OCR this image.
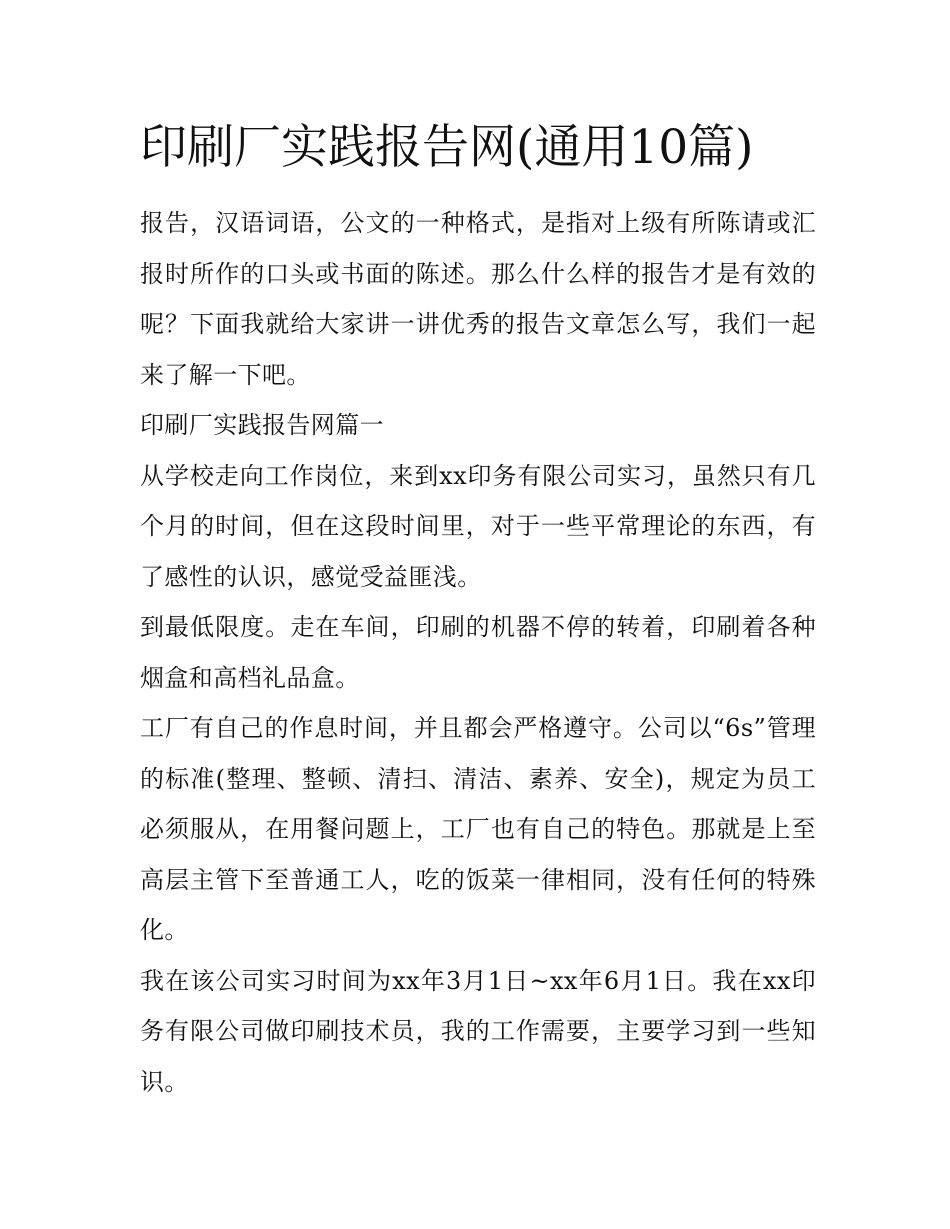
印刷厂实践报告网(通用10篇)

报告，汉语词语，公文的一种格式，是指对上级有所陈请或汇报时所作的口头或书面的陈述。那么什么样的报告才是有效的呢？下面我就给大家讲一讲优秀的报告文章怎么写，我们一起来了解一下吧。

印刷厂实践报告网篇一

从学校走向工作岗位，来到xx印务有限公司实习，虽然只有几个月的时间，但在这段时间里，对于一些平常理论的东西，有了感性的认识，感觉受益匪浅。

到最低限度。走在车间，印刷的机器不停的转着，印刷着各种烟盒和高档礼品盒。

工厂有自己的作息时间，并且都会严格遵守。公司以“6s”管理的标准(整理、整顿、清扫、清洁、素养、安全)，规定为员工必须服从，在用餐问题上，工厂也有自己的特色。那就是上至高层主管下至普通工人，吃的饭菜一律相同，没有任何的特殊化。

我在该公司实习时间为xx年3月1日~xx年6月1日。我在xx印务有限公司做印刷技术员，我的工作需要，主要学习到一些知识。
